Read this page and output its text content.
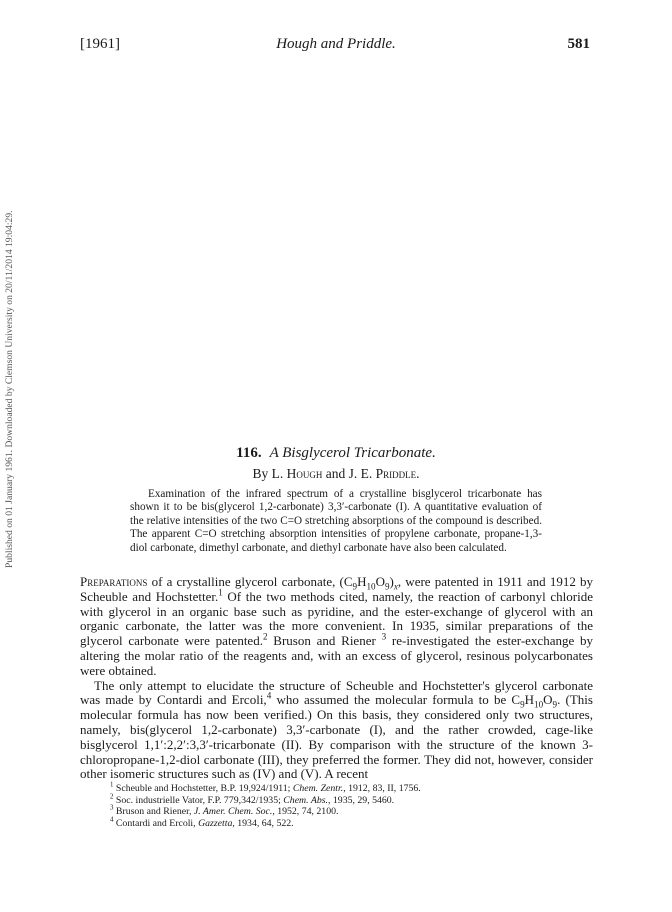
[1961]	Hough and Priddle.	581
Published on 01 January 1961. Downloaded by Clemson University on 20/11/2014 19:04:29.	116. A Bisglycerol Tricarbonate.
By L. Hough and J. E. Priddle.
Examination of the infrared spectrum of a crystalline bisglycerol tricarbonate has shown it to be bis(glycerol 1,2-carbonate) 3,3′-carbonate (I). A quantitative evaluation of the relative intensities of the two C=O stretching absorptions of the compound is described. The apparent C=O stretching absorption intensities of propylene carbonate, propane-1,3-diol carbonate, dimethyl carbonate, and diethyl carbonate have also been calculated.

Preparations of a crystalline glycerol carbonate, $(C_9H_{10}O_9)_x$, were patented in 1911 and 1912 by Scheuble and Hochstetter.$^1$ Of the two methods cited, namely, the reaction of carbonyl chloride with glycerol in an organic base such as pyridine, and the ester-exchange of glycerol with an organic carbonate, the latter was the more convenient. In 1935, similar preparations of the glycerol carbonate were patented.$^2$ Bruson and Riener $^3$ re-investigated the ester-exchange by altering the molar ratio of the reagents and, with an excess of glycerol, resinous polycarbonates were obtained.

The only attempt to elucidate the structure of Scheuble and Hochstetter's glycerol carbonate was made by Contardi and Ercoli,$^4$ who assumed the molecular formula to be $C_9H_{10}O_9$. (This molecular formula has now been verified.) On this basis, they considered only two structures, namely, bis(glycerol 1,2-carbonate) 3,3′-carbonate (I), and the rather crowded, cage-like bisglycerol 1,1′:2,2′:3,3′-tricarbonate (II). By comparison with the structure of the known 3-chloropropane-1,2-diol carbonate (III), they preferred the former. They did not, however, consider other isomeric structures such as (IV) and (V). A recent

$^1$ Scheuble and Hochstetter, B.P. 19,924/1911; Chem. Zentr., 1912, 83, II, 1756.
$^2$ Soc. industrielle Vator, F.P. 779,342/1935; Chem. Abs., 1935, 29, 5460.
$^3$ Bruson and Riener, J. Amer. Chem. Soc., 1952, 74, 2100.
$^4$ Contardi and Ercoli, Gazzetta, 1934, 64, 522.
